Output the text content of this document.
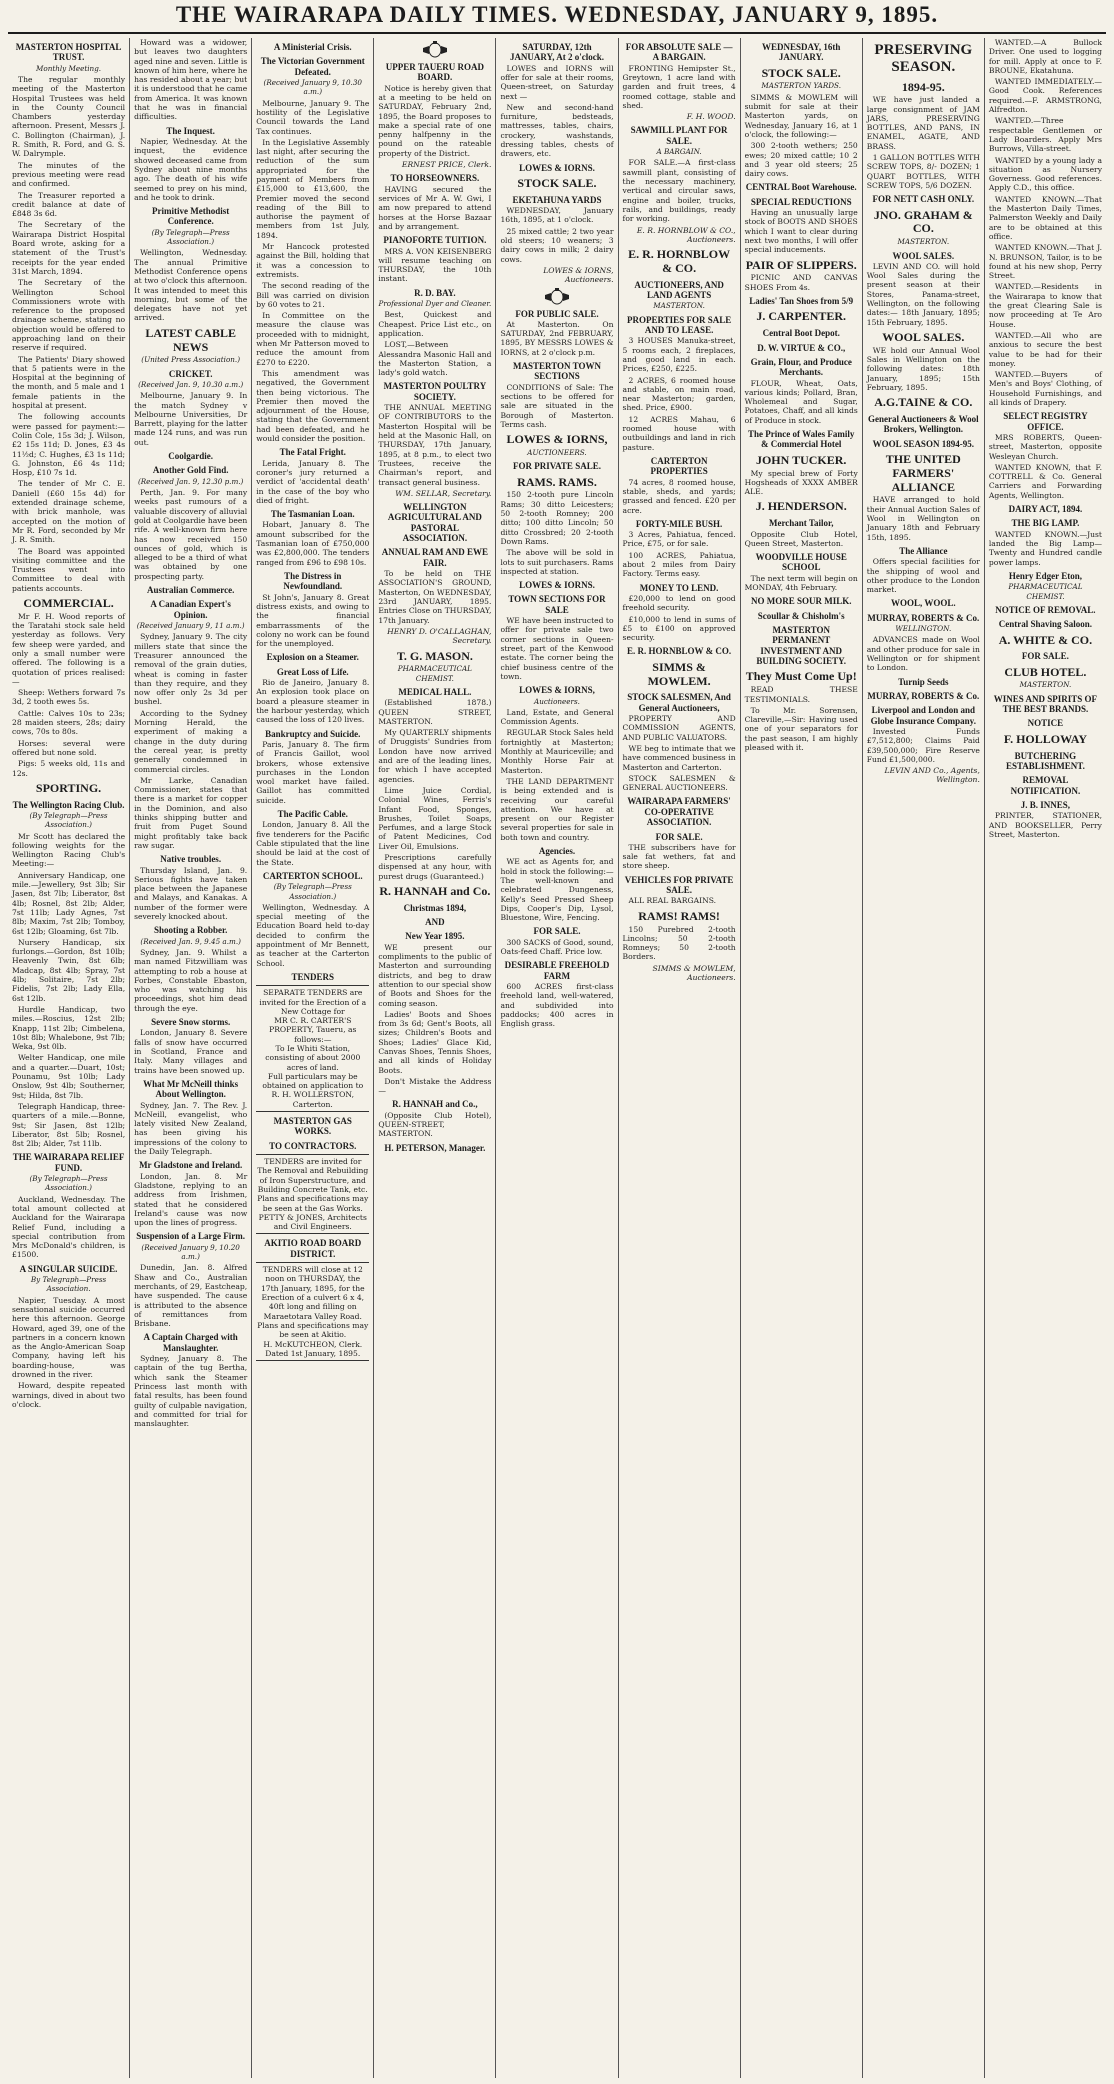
THE WAIRARAPA DAILY TIMES. WEDNESDAY, JANUARY 9, 1895.
MASTERTON HOSPITAL TRUST.
Monthly Meeting.
The regular monthly meeting of the Masterton Hospital Trustees was held in the County Council Chambers yesterday afternoon. Present, Messrs J. C. Bollington (Chairman), J. R. Smith, R. Ford, and G. S. W. Dalrymple.
The minutes of the previous meeting were read and confirmed.
The Treasurer reported a credit balance at date of £848 3s 6d.
The Secretary of the Wairarapa District Hospital Board wrote, asking for a statement of the Trust's receipts for the year ended 31st March, 1894.
The Secretary of the Wellington School Commissioners wrote with reference to the proposed drainage scheme, stating no objection would be offered to approaching land on their reserve if required.
The Patients' Diary showed that 5 patients were in the Hospital at the beginning of the month, and 5 male and 1 female patients in the hospital at present.
The following accounts were passed for payment:—Colin Cole, 15s 3d; J. Wilson, £2 15s 11d; D. Jones, £3 4s 11½d; C. Hughes, £3 1s 11d; G. Johnston, £6 4s 11d; Hosp, £10 7s 1d.
The tender of Mr C. E. Daniell (£60 15s 4d) for extended drainage scheme, with brick manhole, was accepted on the motion of Mr R. Ford, seconded by Mr J. R. Smith.
The Board was appointed visiting committee and the Trustees went into Committee to deal with patients accounts.
COMMERCIAL.
Mr F. H. Wood reports of the Taratahi stock sale held yesterday as follows. Very few sheep were yarded, and only a small number were offered. The following is a quotation of prices realised:—
Sheep: Wethers forward 7s 3d, 2 tooth ewes 5s.
Cattle: Calves 10s to 23s; 28 maiden steers, 28s; dairy cows, 70s to 80s.
Horses: several were offered but none sold.
Pigs: 5 weeks old, 11s and 12s.
SPORTING.
The Wellington Racing Club.
(By Telegraph—Press Association.)
Mr Scott has declared the following weights for the Wellington Racing Club's Meeting:—
Anniversary Handicap, one mile.—Jewellery, 9st 3lb; Sir Jasen, 8st 7lb; Liberator, 8st 4lb; Rosnel, 8st 2lb; Alder, 7st 11lb; Lady Agnes, 7st 8lb; Maxim, 7st 2lb; Tomboy, 6st 12lb; Gloaming, 6st 7lb.
Nursery Handicap, six furlongs.—Gordon, 8st 10lb; Heavenly Twin, 8st 6lb; Madcap, 8st 4lb; Spray, 7st 4lb; Solitaire, 7st 2lb; Fidelis, 7st 2lb; Lady Ella, 6st 12lb.
Hurdle Handicap, two miles.—Roscius, 12st 2lb; Knapp, 11st 2lb; Cimbelena, 10st 8lb; Whalebone, 9st 7lb; Weka, 9st 0lb.
Welter Handicap, one mile and a quarter.—Duart, 10st; Pounamu, 9st 10lb; Lady Onslow, 9st 4lb; Southerner, 9st; Hilda, 8st 7lb.
Telegraph Handicap, three-quarters of a mile.—Bonne, 9st; Sir Jasen, 8st 12lb; Liberator, 8st 5lb; Rosnel, 8st 2lb; Alder, 7st 11lb.
THE WAIRARAPA RELIEF FUND.
(By Telegraph—Press Association.)
Auckland, Wednesday. The total amount collected at Auckland for the Wairarapa Relief Fund, including a special contribution from Mrs McDonald's children, is £1500.
A SINGULAR SUICIDE.
By Telegraph—Press Association.
Napier, Tuesday. A most sensational suicide occurred here this afternoon. George Howard, aged 39, one of the partners in a concern known as the Anglo-American Soap Company, having left his boarding-house, was drowned in the river.
Howard, despite repeated warnings, dived in about two o'clock.
Howard was a widower, but leaves two daughters aged nine and seven. Little is known of him here, where he has resided about a year; but it is understood that he came from America. It was known that he was in financial difficulties.
The Inquest.
Napier, Wednesday. At the inquest, the evidence showed deceased came from Sydney about nine months ago. The death of his wife seemed to prey on his mind, and he took to drink.
Primitive Methodist Conference.
(By Telegraph—Press Association.)
Wellington, Wednesday. The annual Primitive Methodist Conference opens at two o'clock this afternoon. It was intended to meet this morning, but some of the delegates have not yet arrived.
LATEST CABLE NEWS
(United Press Association.)
CRICKET.
(Received Jan. 9, 10.30 a.m.)
Melbourne, January 9. In the match Sydney v Melbourne Universities, Dr Barrett, playing for the latter made 124 runs, and was run out.
Coolgardie.
Another Gold Find.
(Received Jan. 9, 12.30 p.m.)
Perth, Jan. 9. For many weeks past rumours of a valuable discovery of alluvial gold at Coolgardie have been rife. A well-known firm here has now received 150 ounces of gold, which is alleged to be a third of what was obtained by one prospecting party.
Australian Commerce.
A Canadian Expert's Opinion.
(Received January 9, 11 a.m.)
Sydney, January 9. The city millers state that since the Treasurer announced the removal of the grain duties, wheat is coming in faster than they require, and they now offer only 2s 3d per bushel.
According to the Sydney Morning Herald, the experiment of making a change in the duty during the cereal year, is pretty generally condemned in commercial circles.
Mr Larke, Canadian Commissioner, states that there is a market for copper in the Dominion, and also thinks shipping butter and fruit from Puget Sound might profitably take back raw sugar.
Native troubles.
Thursday Island, Jan. 9. Serious fights have taken place between the Japanese and Malays, and Kanakas. A number of the former were severely knocked about.
Shooting a Robber.
(Received Jan. 9, 9.45 a.m.)
Sydney, Jan. 9. Whilst a man named Fitzwilliam was attempting to rob a house at Forbes, Constable Ebaston, who was watching his proceedings, shot him dead through the eye.
Severe Snow storms.
London, January 8. Severe falls of snow have occurred in Scotland, France and Italy. Many villages and trains have been snowed up.
What Mr McNeill thinks About Wellington.
Sydney, Jan. 7. The Rev. J. McNeill, evangelist, who lately visited New Zealand, has been giving his impressions of the colony to the Daily Telegraph.
Mr Gladstone and Ireland.
London, Jan. 8. Mr Gladstone, replying to an address from Irishmen, stated that he considered Ireland's cause was now upon the lines of progress.
Suspension of a Large Firm.
(Received January 9, 10.20 a.m.)
Dunedin, Jan. 8. Alfred Shaw and Co., Australian merchants, of 29, Eastcheap, have suspended. The cause is attributed to the absence of remittances from Brisbane.
A Captain Charged with Manslaughter.
Sydney, January 8. The captain of the tug Bertha, which sank the Steamer Princess last month with fatal results, has been found guilty of culpable navigation, and committed for trial for manslaughter.
A Ministerial Crisis.
The Victorian Government Defeated.
(Received January 9, 10.30 a.m.)
Melbourne, January 9. The hostility of the Legislative Council towards the Land Tax continues.
In the Legislative Assembly last night, after securing the reduction of the sum appropriated for the payment of Members from £15,000 to £13,600, the Premier moved the second reading of the Bill to authorise the payment of members from 1st July, 1894.
Mr Hancock protested against the Bill, holding that it was a concession to extremists.
The second reading of the Bill was carried on division by 60 votes to 21.
In Committee on the measure the clause was proceeded with to midnight, when Mr Patterson moved to reduce the amount from £270 to £220.
This amendment was negatived, the Government then being victorious. The Premier then moved the adjournment of the House, stating that the Government had been defeated, and he would consider the position.
The Fatal Fright.
Lerida, January 8. The coroner's jury returned a verdict of 'accidental death' in the case of the boy who died of fright.
The Tasmanian Loan.
Hobart, January 8. The amount subscribed for the Tasmanian loan of £750,000 was £2,800,000. The tenders ranged from £96 to £98 10s.
The Distress in Newfoundland.
St John's, January 8. Great distress exists, and owing to the financial embarrassments of the colony no work can be found for the unemployed.
Explosion on a Steamer.
Great Loss of Life.
Rio de Janeiro, January 8. An explosion took place on board a pleasure steamer in the harbour yesterday, which caused the loss of 120 lives.
Bankruptcy and Suicide.
Paris, January 8. The firm of Francis Gaillot, wool brokers, whose extensive purchases in the London wool market have failed. Gaillot has committed suicide.
The Pacific Cable.
London, January 8. All the five tenderers for the Pacific Cable stipulated that the line should be laid at the cost of the State.
CARTERTON SCHOOL.
(By Telegraph—Press Association.)
Wellington, Wednesday. A special meeting of the Education Board held to-day decided to confirm the appointment of Mr Bennett, as teacher at the Carterton School.
TENDERS
SEPARATE TENDERS are invited for the Erection of a New Cottage for
MR C. R. CARTER'S PROPERTY, Taueru, as follows:—
To Ie Whiti Station, consisting of about 2000 acres of land.
Full particulars may be obtained on application to
R. H. WOLLERSTON,
Carterton.
MASTERTON GAS WORKS.
TO CONTRACTORS.
TENDERS are invited for
The Removal and Rebuilding of Iron Superstructure, and Building Concrete Tank, etc.
Plans and specifications may be seen at the Gas Works.
PETTY & JONES, Architects and Civil Engineers.
AKITIO ROAD BOARD DISTRICT.
TENDERS will close at 12 noon on THURSDAY, the 17th January, 1895, for the Erection of a culvert 6 x 4, 40ft long and filling on Maraetotara Valley Road.
Plans and specifications may be seen at Akitio.
H. McKUTCHEON, Clerk.
Dated 1st January, 1895.
UPPER TAUERU ROAD BOARD.
Notice is hereby given that at a meeting to be held on SATURDAY, February 2nd, 1895, the Board proposes to make a special rate of one penny halfpenny in the pound on the rateable property of the District.
ERNEST PRICE, Clerk.
TO HORSEOWNERS.
HAVING secured the services of Mr A. W. Gwi, I am now prepared to attend horses at the Horse Bazaar and by arrangement.
PIANOFORTE TUITION.
MRS A. VON KEISENBERG will resume teaching on THURSDAY, the 10th instant.
R. D. BAY.
Professional Dyer and Cleaner.
Best, Quickest and Cheapest. Price List etc., on application.
LOST,—Between Alessandra Masonic Hall and the Masterton Station, a lady's gold watch.
MASTERTON POULTRY SOCIETY.
THE ANNUAL MEETING OF CONTRIBUTORS to the Masterton Hospital will be held at the Masonic Hall, on THURSDAY, 17th January, 1895, at 8 p.m., to elect two Trustees, receive the Chairman's report, and transact general business.
WM. SELLAR, Secretary.
WELLINGTON AGRICULTURAL AND PASTORAL ASSOCIATION.
ANNUAL RAM AND EWE FAIR.
To be held on THE ASSOCIATION'S GROUND, Masterton, On WEDNESDAY, 23rd JANUARY, 1895. Entries Close on THURSDAY, 17th January.
HENRY D. O'CALLAGHAN, Secretary.
T. G. MASON.
PHARMACEUTICAL CHEMIST.
MEDICAL HALL.
(Established 1878.) QUEEN STREET, MASTERTON.
My QUARTERLY shipments of Druggists' Sundries from London have now arrived and are of the leading lines, for which I have accepted agencies.
Lime Juice Cordial, Colonial Wines, Ferris's Infant Food, Sponges, Brushes, Toilet Soaps, Perfumes, and a large Stock of Patent Medicines, Cod Liver Oil, Emulsions.
Prescriptions carefully dispensed at any hour, with purest drugs (Guaranteed.)
R. HANNAH and Co.
Christmas 1894,
AND
New Year 1895.
WE present our compliments to the public of Masterton and surrounding districts, and beg to draw attention to our special show of Boots and Shoes for the coming season.
Ladies' Boots and Shoes from 3s 6d; Gent's Boots, all sizes; Children's Boots and Shoes; Ladies' Glace Kid, Canvas Shoes, Tennis Shoes, and all kinds of Holiday Boots.
Don't Mistake the Address —
R. HANNAH and Co.,
(Opposite Club Hotel), QUEEN-STREET, MASTERTON.
H. PETERSON, Manager.
SATURDAY, 12th JANUARY, At 2 o'clock.
LOWES and IORNS will offer for sale at their rooms, Queen-street, on Saturday next —
New and second-hand furniture, bedsteads, mattresses, tables, chairs, crockery, washstands, dressing tables, chests of drawers, etc.
LOWES & IORNS.
STOCK SALE.
EKETAHUNA YARDS
WEDNESDAY, January 16th, 1895, at 1 o'clock.
25 mixed cattle; 2 two year old steers; 10 weaners; 3 dairy cows in milk; 2 dairy cows.
LOWES & IORNS, Auctioneers.
FOR PUBLIC SALE.
At Masterton. On SATURDAY, 2nd FEBRUARY, 1895, BY MESSRS LOWES & IORNS, at 2 o'clock p.m.
MASTERTON TOWN SECTIONS
CONDITIONS of Sale: The sections to be offered for sale are situated in the Borough of Masterton. Terms cash.
LOWES & IORNS,
AUCTIONEERS.
FOR PRIVATE SALE.
RAMS. RAMS.
150 2-tooth pure Lincoln Rams; 30 ditto Leicesters; 50 2-tooth Romney; 200 ditto; 100 ditto Lincoln; 50 ditto Crossbred; 20 2-tooth Down Rams.
The above will be sold in lots to suit purchasers. Rams inspected at station.
LOWES & IORNS.
TOWN SECTIONS FOR SALE
WE have been instructed to offer for private sale two corner sections in Queen-street, part of the Kenwood estate. The corner being the chief business centre of the town.
LOWES & IORNS,
Auctioneers.
Land, Estate, and General Commission Agents.
REGULAR Stock Sales held fortnightly at Masterton; Monthly at Mauriceville; and Monthly Horse Fair at Masterton.
THE LAND DEPARTMENT is being extended and is receiving our careful attention. We have at present on our Register several properties for sale in both town and country.
Agencies.
WE act as Agents for, and hold in stock the following:— The well-known and celebrated Dungeness, Kelly's Seed Pressed Sheep Dips, Cooper's Dip, Lysol, Bluestone, Wire, Fencing.
FOR SALE.
300 SACKS of Good, sound, Oats-feed Chaff. Price low.
DESIRABLE FREEHOLD FARM
600 ACRES first-class freehold land, well-watered, and subdivided into paddocks; 400 acres in English grass.
FOR ABSOLUTE SALE — A BARGAIN.
FRONTING Hemipster St., Greytown, 1 acre land with garden and fruit trees, 4 roomed cottage, stable and shed.
F. H. WOOD.
SAWMILL PLANT FOR SALE.
A BARGAIN.
FOR SALE.—A first-class sawmill plant, consisting of the necessary machinery, vertical and circular saws, engine and boiler, trucks, rails, and buildings, ready for working.
E. R. HORNBLOW & CO., Auctioneers.
E. R. HORNBLOW & CO.
AUCTIONEERS, AND LAND AGENTS
MASTERTON.
PROPERTIES FOR SALE AND TO LEASE.
3 HOUSES Manuka-street, 5 rooms each, 2 fireplaces, and good land in each. Prices, £250, £225.
2 ACRES, 6 roomed house and stable, on main road, near Masterton; garden, shed. Price, £900.
12 ACRES Mahau, 6 roomed house with outbuildings and land in rich pasture.
CARTERTON PROPERTIES
74 acres, 8 roomed house, stable, sheds, and yards; grassed and fenced. £20 per acre.
FORTY-MILE BUSH.
3 Acres, Pahiatua, fenced. Price, £75, or for sale.
100 ACRES, Pahiatua, about 2 miles from Dairy Factory. Terms easy.
MONEY TO LEND.
£20,000 to lend on good freehold security.
£10,000 to lend in sums of £5 to £100 on approved security.
E. R. HORNBLOW & CO.
SIMMS & MOWLEM.
STOCK SALESMEN, And General Auctioneers,
PROPERTY AND COMMISSION AGENTS, AND PUBLIC VALUATORS.
WE beg to intimate that we have commenced business in Masterton and Carterton.
STOCK SALESMEN & GENERAL AUCTIONEERS.
WAIRARAPA FARMERS' CO-OPERATIVE ASSOCIATION.
FOR SALE.
THE subscribers have for sale fat wethers, fat and store sheep.
VEHICLES FOR PRIVATE SALE.
ALL REAL BARGAINS.
RAMS! RAMS!
150 Purebred 2-tooth Lincolns; 50 2-tooth Romneys; 50 2-tooth Borders.
SIMMS & MOWLEM, Auctioneers.
WEDNESDAY, 16th JANUARY.
STOCK SALE.
MASTERTON YARDS.
SIMMS & MOWLEM will submit for sale at their Masterton yards, on Wednesday, January 16, at 1 o'clock, the following:—
300 2-tooth wethers; 250 ewes; 20 mixed cattle; 10 2 and 3 year old steers; 25 dairy cows.
CENTRAL Boot Warehouse.
SPECIAL REDUCTIONS
Having an unusually large stock of BOOTS AND SHOES which I want to clear during next two months, I will offer special inducements.
PAIR OF SLIPPERS.
PICNIC AND CANVAS SHOES From 4s.
Ladies' Tan Shoes from 5/9
J. CARPENTER.
Central Boot Depot.
D. W. VIRTUE & CO.,
Grain, Flour, and Produce Merchants.
FLOUR, Wheat, Oats, various kinds; Pollard, Bran, Wholemeal and Sugar, Potatoes, Chaff, and all kinds of Produce in stock.
The Prince of Wales Family & Commercial Hotel
JOHN TUCKER.
My special brew of Forty Hogsheads of XXXX AMBER ALE.
J. HENDERSON.
Merchant Tailor,
Opposite Club Hotel, Queen Street, Masterton.
WOODVILLE HOUSE SCHOOL
The next term will begin on MONDAY, 4th February.
NO MORE SOUR MILK.
Scoullar & Chisholm's
MASTERTON PERMANENT INVESTMENT AND BUILDING SOCIETY.
They Must Come Up!
READ THESE TESTIMONIALS.
To Mr. Sorensen, Clareville,—Sir: Having used one of your separators for the past season, I am highly pleased with it.
PRESERVING SEASON.
1894-95.
WE have just landed a large consignment of JAM JARS, PRESERVING BOTTLES, AND PANS, IN ENAMEL, AGATE, AND BRASS.
1 GALLON BOTTLES WITH SCREW TOPS, 8/- DOZEN; 1 QUART BOTTLES, WITH SCREW TOPS, 5/6 DOZEN.
FOR NETT CASH ONLY.
JNO. GRAHAM & CO.
MASTERTON.
WOOL SALES.
LEVIN AND CO. will hold Wool Sales during the present season at their Stores, Panama-street, Wellington, on the following dates:— 18th January, 1895; 15th February, 1895.
WOOL SALES.
WE hold our Annual Wool Sales in Wellington on the following dates: 18th January, 1895; 15th February, 1895.
A.G.TAINE & CO.
General Auctioneers & Wool Brokers, Wellington.
WOOL SEASON 1894-95.
THE UNITED FARMERS' ALLIANCE
HAVE arranged to hold their Annual Auction Sales of Wool in Wellington on January 18th and February 15th, 1895.
The Alliance
Offers special facilities for the shipping of wool and other produce to the London market.
WOOL, WOOL.
MURRAY, ROBERTS & Co.
WELLINGTON.
ADVANCES made on Wool and other produce for sale in Wellington or for shipment to London.
Turnip Seeds
MURRAY, ROBERTS & Co.
Liverpool and London and Globe Insurance Company.
Invested Funds £7,512,800; Claims Paid £39,500,000; Fire Reserve Fund £1,500,000.
LEVIN AND Co., Agents, Wellington.
WANTED.—A Bullock Driver. One used to logging for mill. Apply at once to F. BROUNE, Ekatahuna.
WANTED IMMEDIATELY.—Good Cook. References required.—F. ARMSTRONG, Alfredton.
WANTED.—Three respectable Gentlemen or Lady Boarders. Apply Mrs Burrows, Villa-street.
WANTED by a young lady a situation as Nursery Governess. Good references. Apply C.D., this office.
WANTED KNOWN.—That the Masterton Daily Times, Palmerston Weekly and Daily are to be obtained at this office.
WANTED KNOWN.—That J. N. BRUNSON, Tailor, is to be found at his new shop, Perry Street.
WANTED.—Residents in the Wairarapa to know that the great Clearing Sale is now proceeding at Te Aro House.
WANTED.—All who are anxious to secure the best value to be had for their money.
WANTED.—Buyers of Men's and Boys' Clothing, of Household Furnishings, and all kinds of Drapery.
SELECT REGISTRY OFFICE.
MRS ROBERTS, Queen-street, Masterton, opposite Wesleyan Church.
WANTED KNOWN, that F. COTTRELL & Co. General Carriers and Forwarding Agents, Wellington.
DAIRY ACT, 1894.
THE BIG LAMP.
WANTED KNOWN.—Just landed the Big Lamp—Twenty and Hundred candle power lamps.
Henry Edger Eton,
PHARMACEUTICAL CHEMIST.
NOTICE OF REMOVAL.
Central Shaving Saloon.
A. WHITE & CO.
FOR SALE.
CLUB HOTEL.
MASTERTON.
WINES AND SPIRITS OF THE BEST BRANDS.
NOTICE
F. HOLLOWAY
BUTCHERING ESTABLISHMENT.
REMOVAL NOTIFICATION.
J. B. INNES,
PRINTER, STATIONER, AND BOOKSELLER, Perry Street, Masterton.
